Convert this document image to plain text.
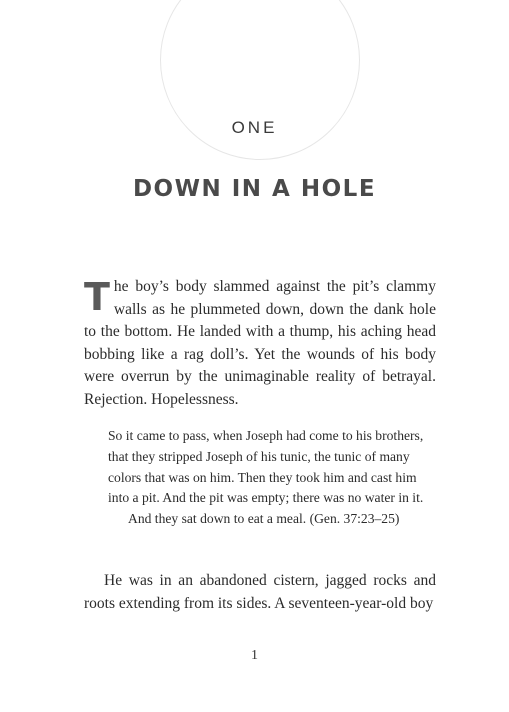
ONE
DOWN IN A HOLE
The boy’s body slammed against the pit’s clammy walls as he plummeted down, down the dank hole to the bottom. He landed with a thump, his aching head bobbing like a rag doll’s. Yet the wounds of his body were overrun by the unimaginable reality of betrayal. Rejection. Hopelessness.

So it came to pass, when Joseph had come to his brothers, that they stripped Joseph of his tunic, the tunic of many colors that was on him. Then they took him and cast him into a pit. And the pit was empty; there was no water in it.

And they sat down to eat a meal. (Gen. 37:23–25)

He was in an abandoned cistern, jagged rocks and roots extending from its sides. A seventeen-year-old boy
1
